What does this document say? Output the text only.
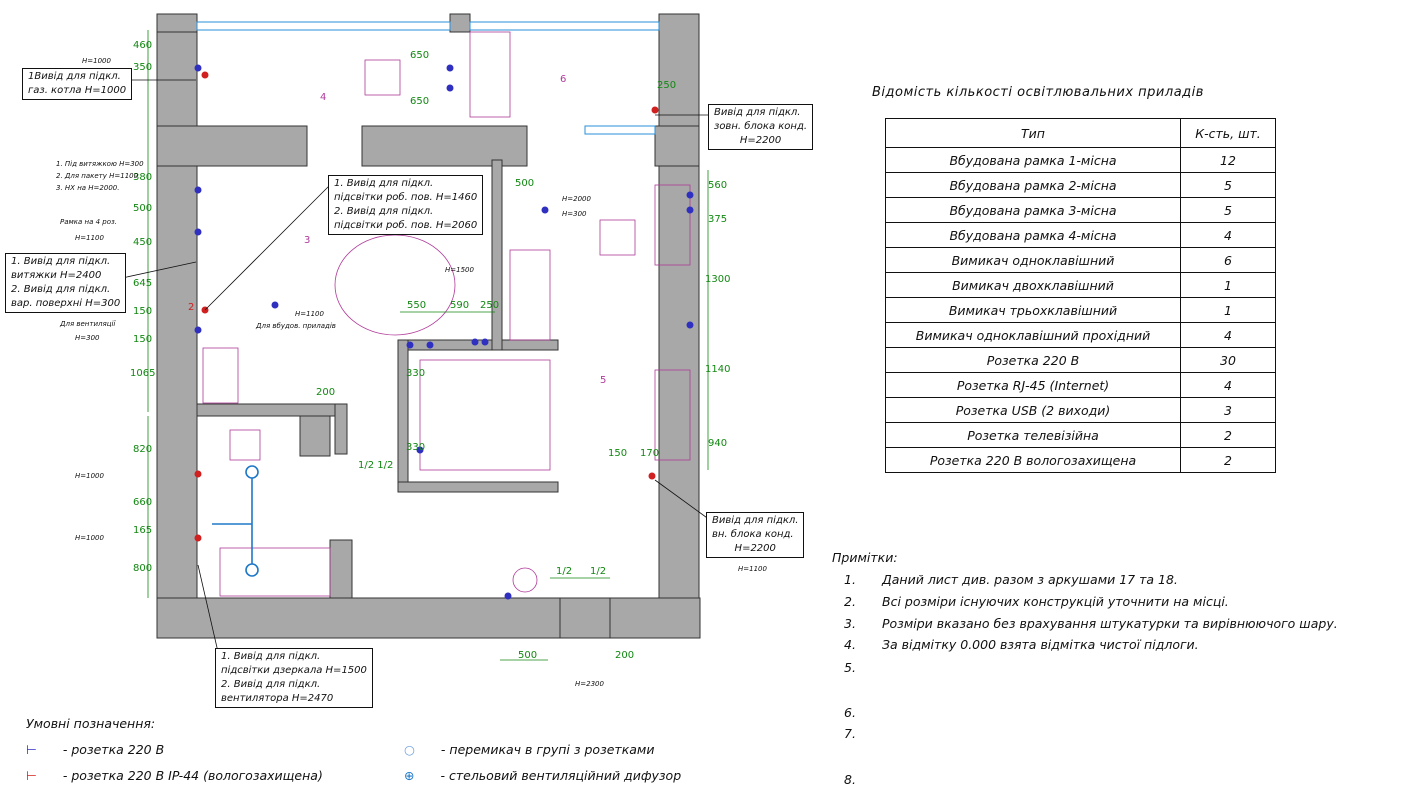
Відомість кількості освітлювальних приладів
Тип	К-сть, шт.
Вбудована рамка 1-місна	12
Вбудована рамка 2-місна	5
Вбудована рамка 3-місна	5
Вбудована рамка 4-місна	4
Вимикач одноклавішний	6
Вимикач двохклавішний	1
Вимикач трьохклавішний	1
Вимикач одноклавішний прохідний	4
Розетка 220 В	30
Розетка RJ-45 (Internet)	4
Розетка USB (2 виходи)	3
Розетка телевізійна	2
Розетка 220 В вологозахищена	2
Примітки:
1. Даний лист див. разом з аркушами 17 та 18.
2. Всі розміри існуючих конструкцій уточнити на місці.
3. Розміри вказано без врахування штукатурки та вирівнюючого шару.
4. За відмітку 0.000 взята відмітка чистої підлоги.
5.
6.
7.
8.
Умовні позначення:
⊢ - розетка 220 В
⊢ - розетка 220 В IP-44 (вологозахищена)
○ - перемикач в групі з розетками
⊕ - стельовий вентиляційний дифузор
1Вивід для підкл.
газ. котла Н=1000
1. Вивід для підкл.
підсвітки роб. пов. Н=1460
2. Вивід для підкл.
підсвітки роб. пов. Н=2060
1. Вивід для підкл.
витяжки Н=2400
2. Вивід для підкл.
вар. поверхні Н=300
Вивід для підкл.
зовн. блока конд.
Н=2200
Вивід для підкл.
вн. блока конд.
Н=2200
1. Вивід для підкл.
підсвітки дзеркала Н=1500
2. Вивід для підкл.
вентилятора Н=2470
4
6
3
5
460
350
380
500
450
645
150
150
1065
820
660
165
800
560
375
1300
1140
940
650
650
250
500
550 590 250
330
330
200
150 170
500	200
1/2 1/2
1/2 1/2
2
Н=1000
Н=1100
Н=300
Н=1000
Н=1000
Н=2000
Н=300
Н=1500
Н=1100
Н=1100
Н=2300
1. Під витяжкою Н=300
2. Для пакету Н=1100
3. НХ на Н=2000.
Рамка на 4 роз.
Для вентиляції	Для вбудов. приладів
